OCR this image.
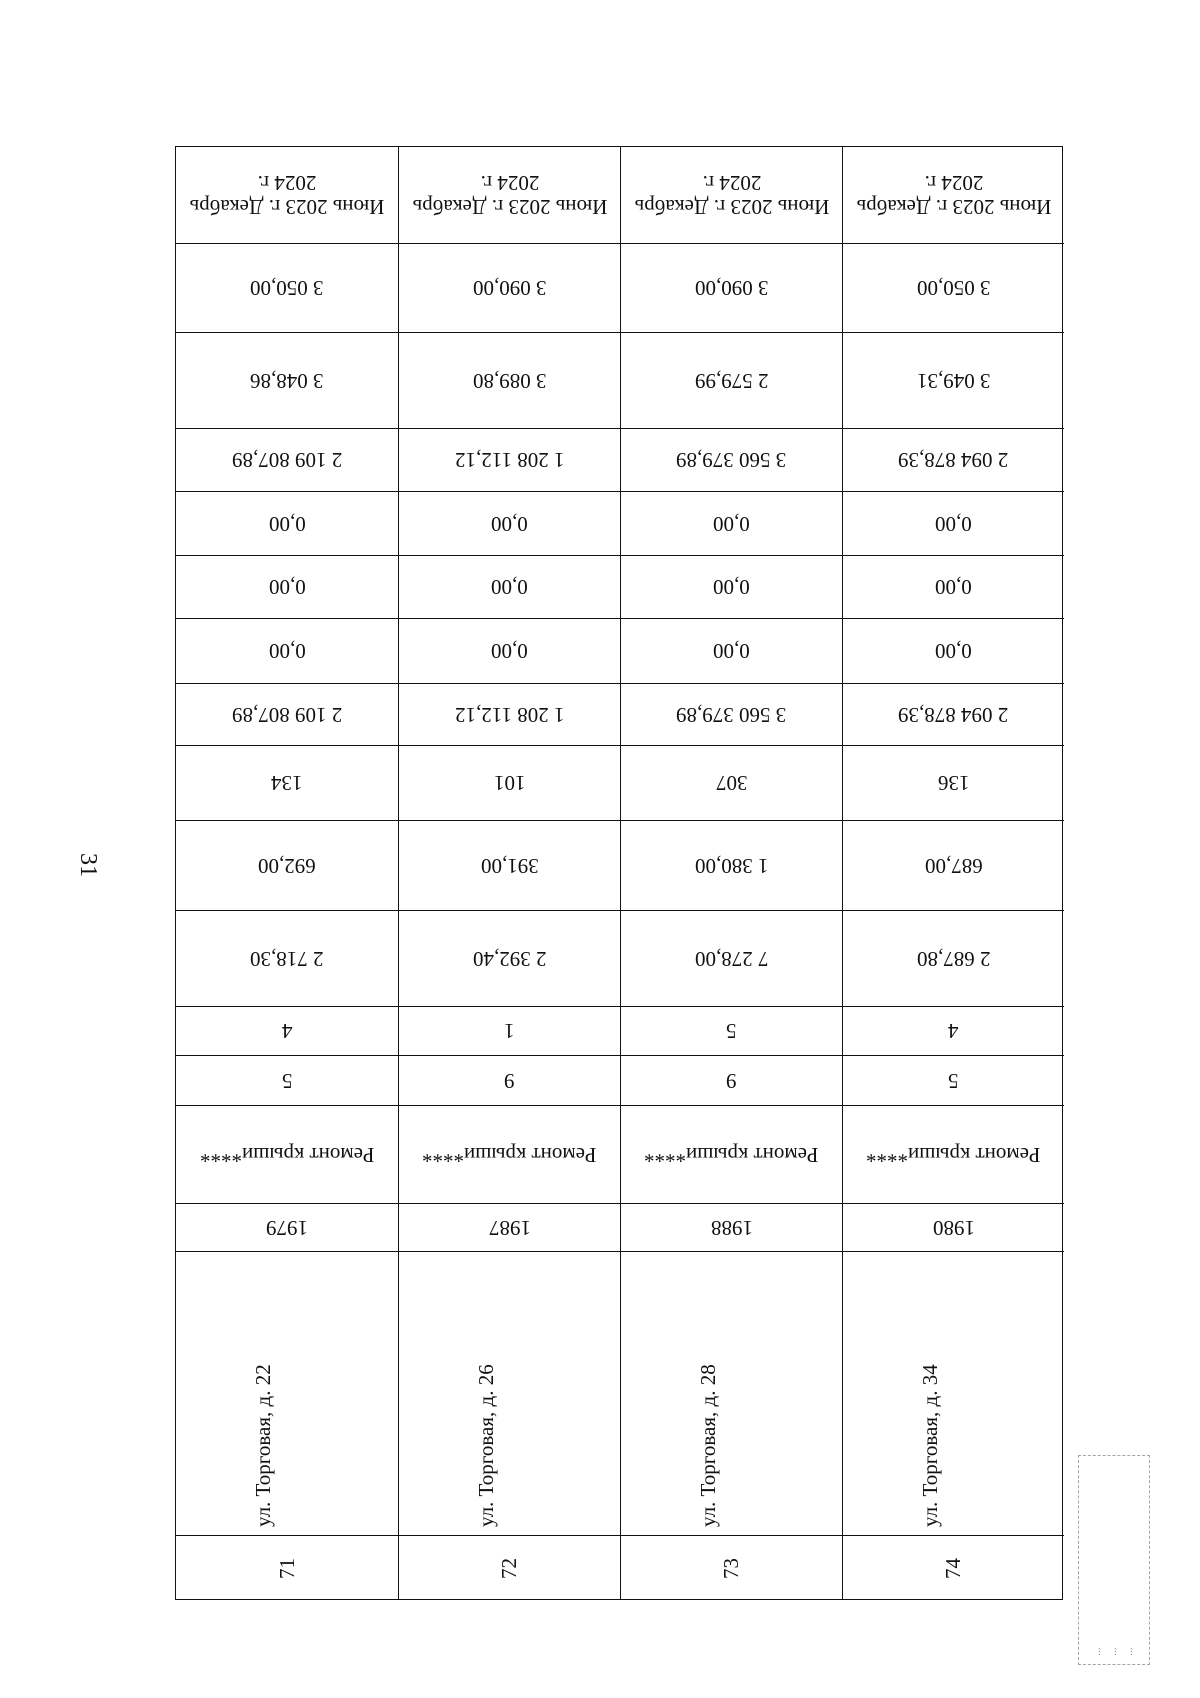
31
Июнь 2023 г. Декабрь 2024 г.
3 050,00
3 048,86
2 109 807,89
0,00
0,00
0,00
2 109 807,89
134
692,00
2 718,30
4
5
Ремонт крыши****
1979
ул. Торговая, д. 22
71
Июнь 2023 г. Декабрь 2024 г.
3 090,00
3 089,80
1 208 112,12
0,00
0,00
0,00
1 208 112,12
101
391,00
2 392,40
1
9
Ремонт крыши****
1987
ул. Торговая, д. 26
72
Июнь 2023 г. Декабрь 2024 г.
3 090,00
2 579,99
3 560 379,89
0,00
0,00
0,00
3 560 379,89
307
1 380,00
7 278,00
5
9
Ремонт крыши****
1988
ул. Торговая, д. 28
73
Июнь 2023 г. Декабрь 2024 г.
3 050,00
3 049,31
2 094 878,39
0,00
0,00
0,00
2 094 878,39
136
687,00
2 687,80
4
5
Ремонт крыши****
1980
ул. Торговая, д. 34
74
... ... ...
